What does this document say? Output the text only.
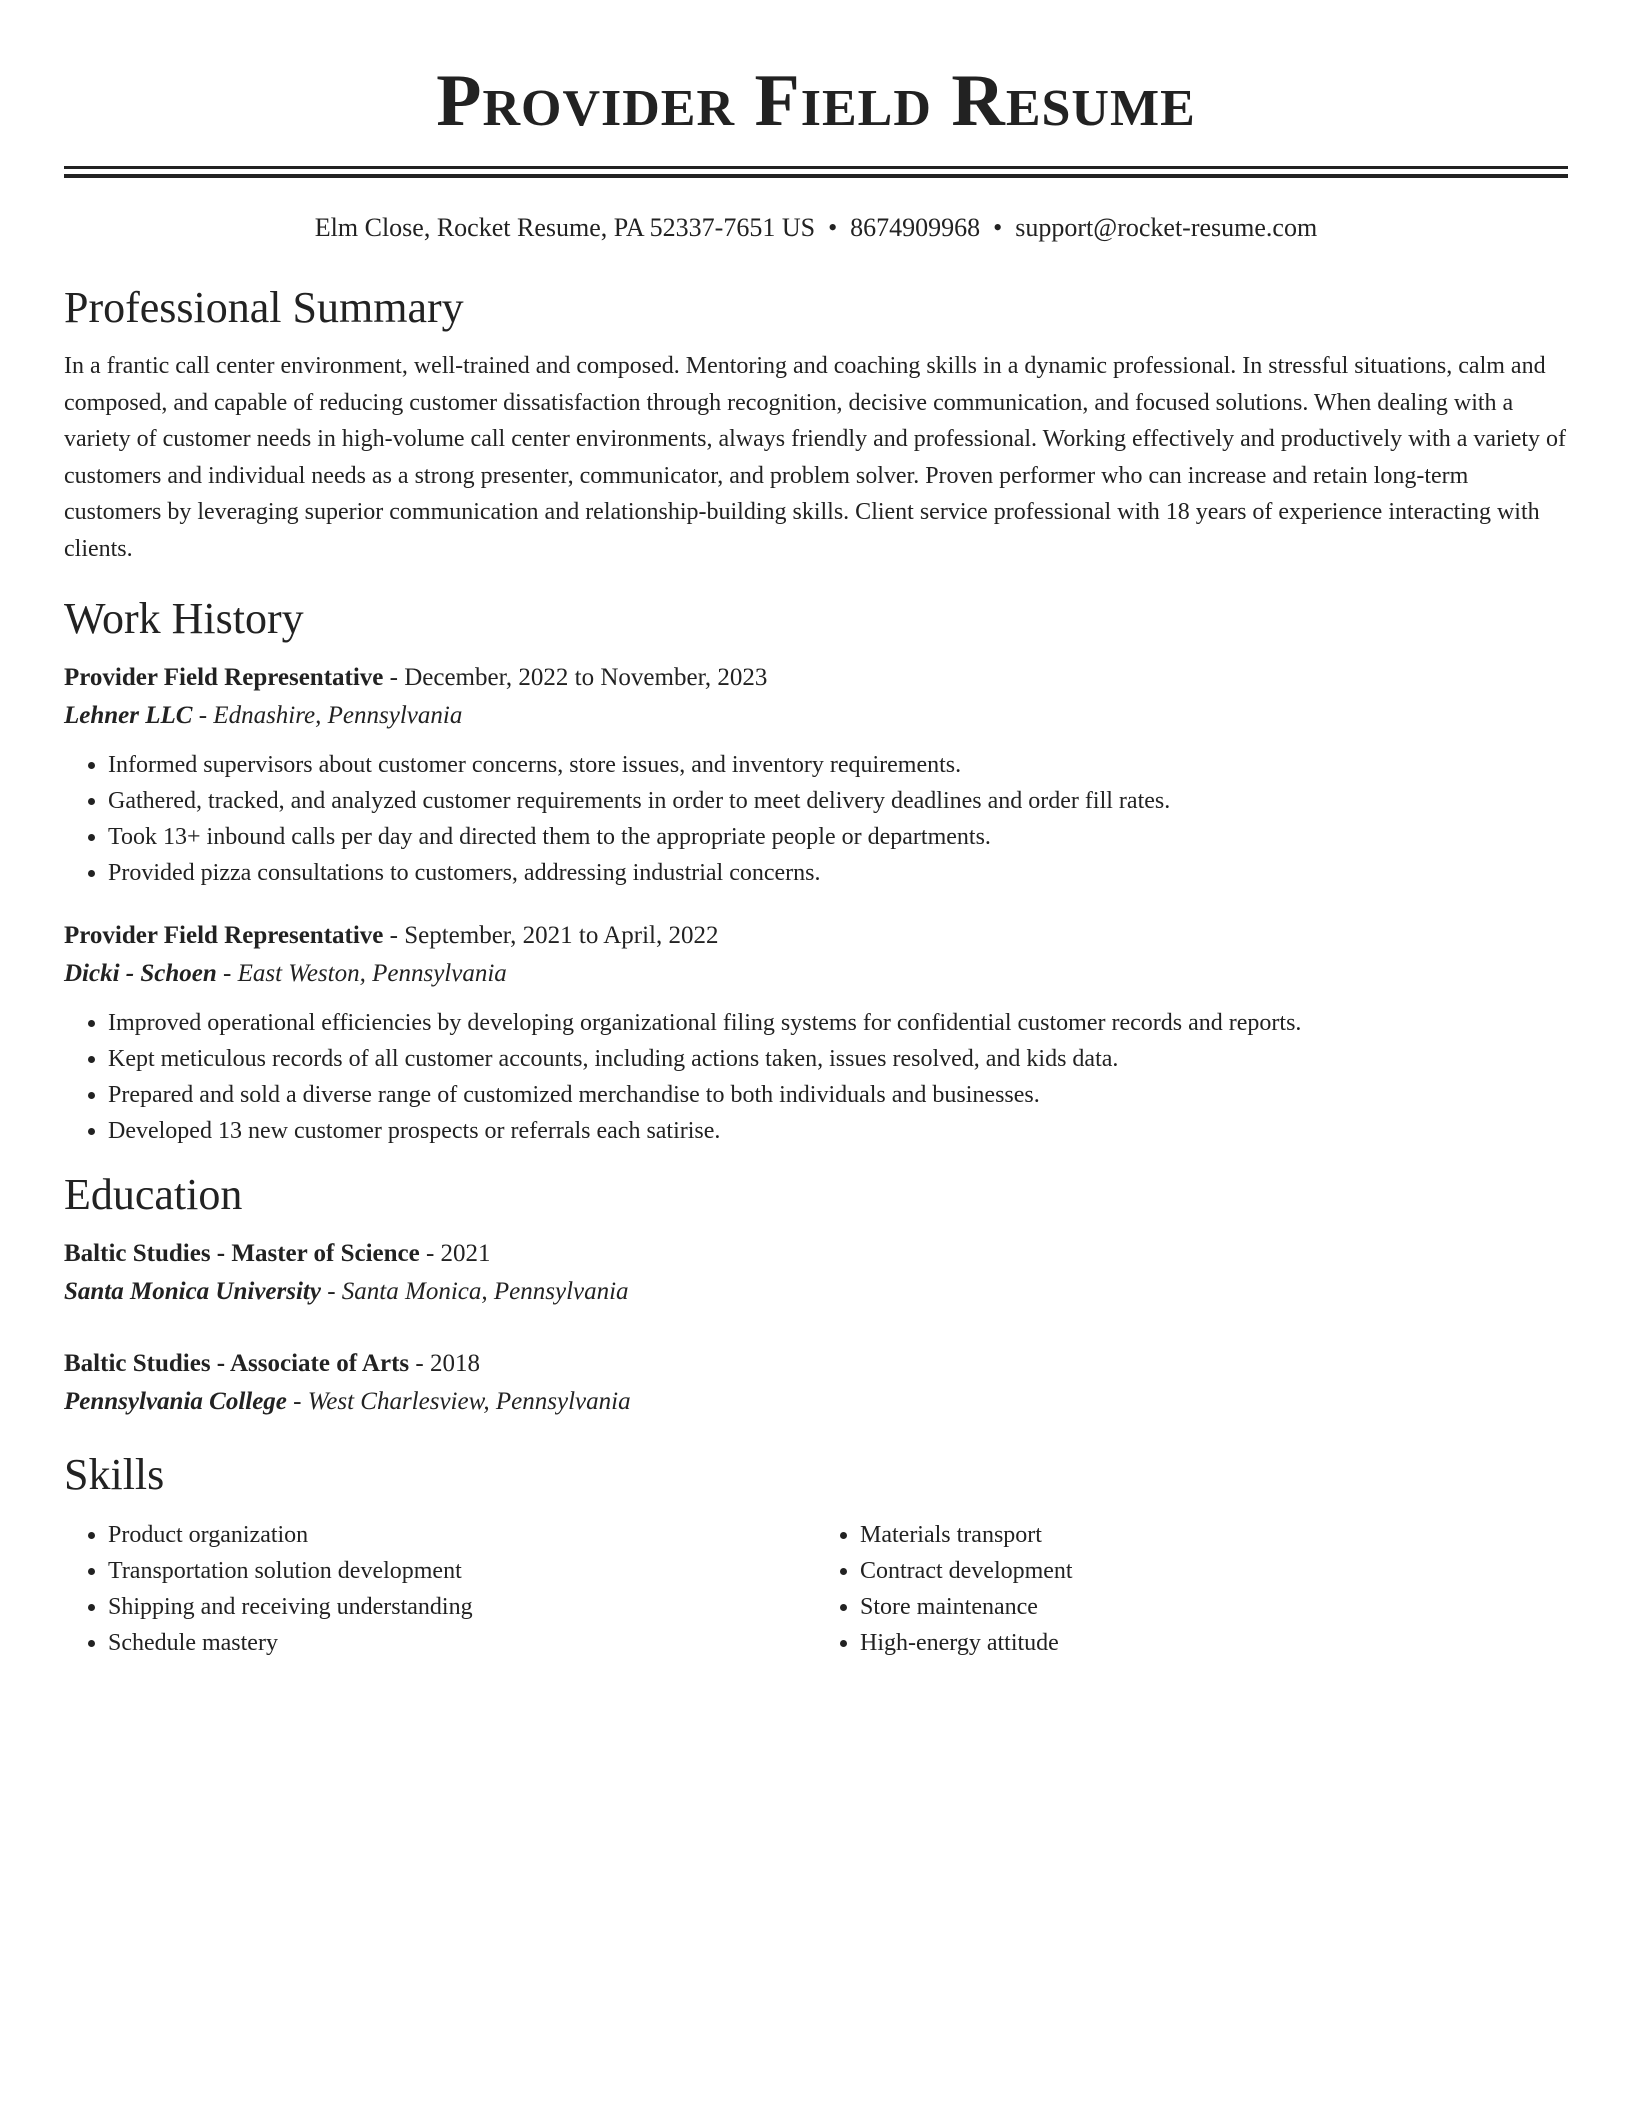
Provider Field Resume
Elm Close, Rocket Resume, PA 52337-7651 US • 8674909968 • support@rocket-resume.com
Professional Summary

In a frantic call center environment, well-trained and composed. Mentoring and coaching skills in a dynamic professional. In stressful situations, calm and composed, and capable of reducing customer dissatisfaction through recognition, decisive communication, and focused solutions. When dealing with a variety of customer needs in high-volume call center environments, always friendly and professional. Working effectively and productively with a variety of customers and individual needs as a strong presenter, communicator, and problem solver. Proven performer who can increase and retain long-term customers by leveraging superior communication and relationship-building skills. Client service professional with 18 years of experience interacting with clients.

Work History
Provider Field Representative - December, 2022 to November, 2023
Lehner LLC - Ednashire, Pennsylvania
• Informed supervisors about customer concerns, store issues, and inventory requirements.
• Gathered, tracked, and analyzed customer requirements in order to meet delivery deadlines and order fill rates.
• Took 13+ inbound calls per day and directed them to the appropriate people or departments.
• Provided pizza consultations to customers, addressing industrial concerns.
Provider Field Representative - September, 2021 to April, 2022
Dicki - Schoen - East Weston, Pennsylvania
• Improved operational efficiencies by developing organizational filing systems for confidential customer records and reports.
• Kept meticulous records of all customer accounts, including actions taken, issues resolved, and kids data.
• Prepared and sold a diverse range of customized merchandise to both individuals and businesses.
• Developed 13 new customer prospects or referrals each satirise.
Education
Baltic Studies - Master of Science - 2021
Santa Monica University - Santa Monica, Pennsylvania
Baltic Studies - Associate of Arts - 2018
Pennsylvania College - West Charlesview, Pennsylvania
Skills
• Product organization
• Transportation solution development
• Shipping and receiving understanding
• Schedule mastery
• Materials transport
• Contract development
• Store maintenance
• High-energy attitude
